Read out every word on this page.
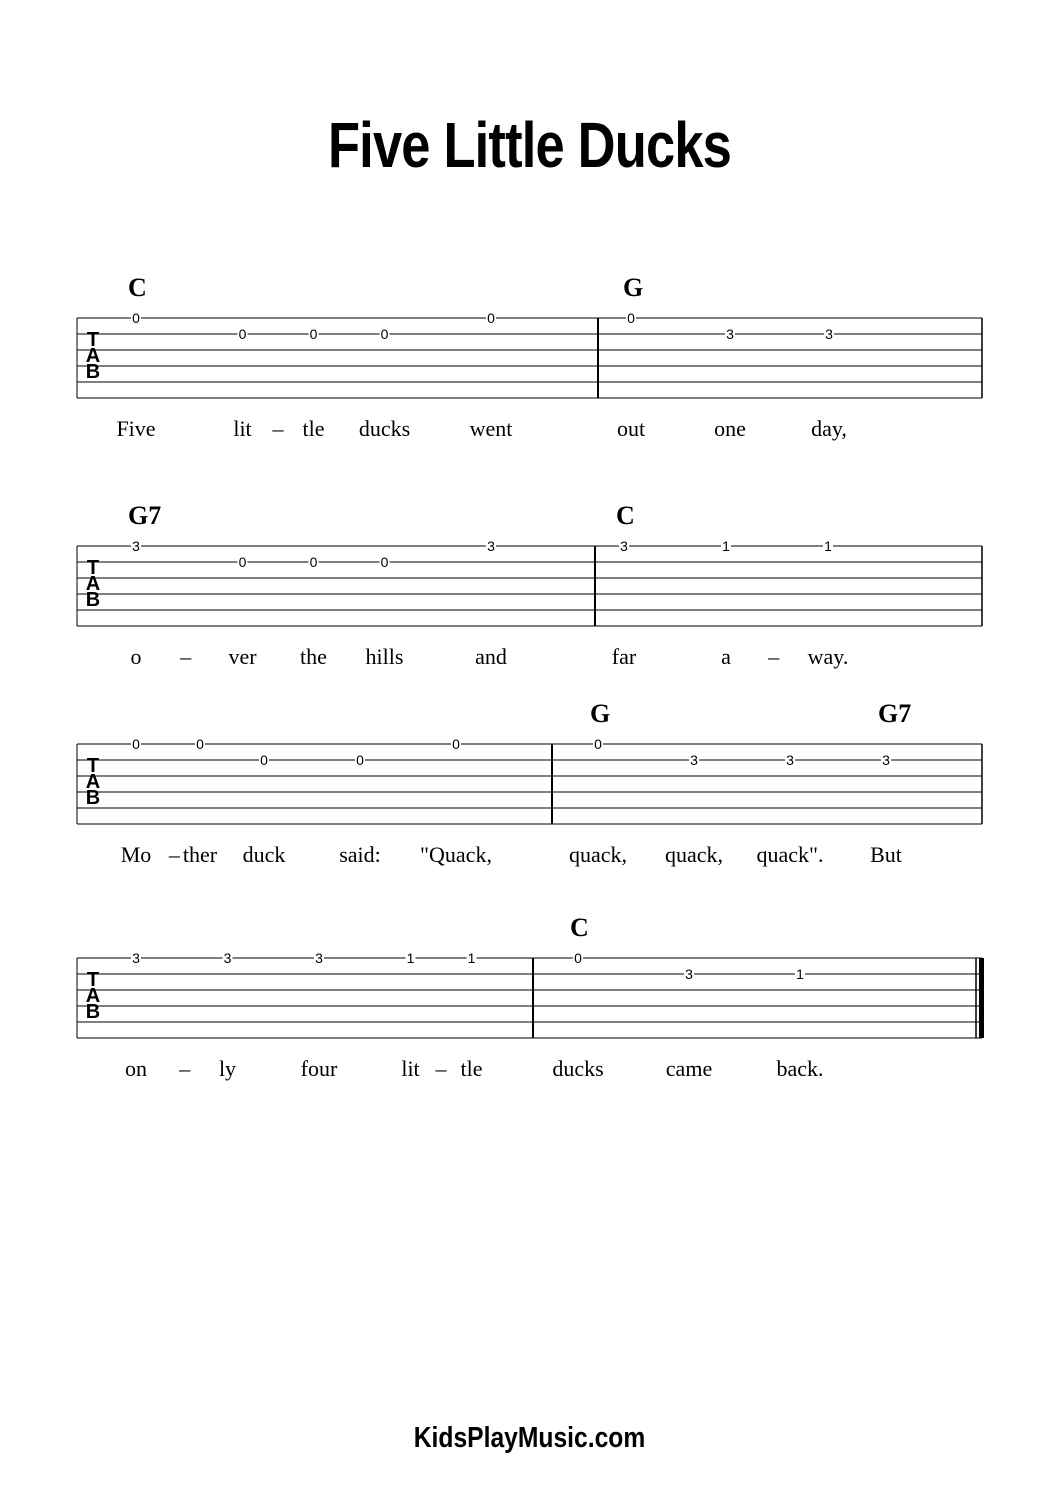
Five Little Ducks
T
A
B
C
0
0	0	0
0
Five	lit – tle ducks	went
G
0
3	3
out	one	day,
T
A
B
G7
3
0	0	0
3
o – ver the hills	and
C
3	1	1
far	a – way.
T
A
B
0	0
0	0
0
Mo – ther duck said: "Quack,
G	G7
0
3	3	3
quack, quack, quack". But
T
A
B
3	3	3	1	1
on – ly	four	lit – tle
C
0
3	1
ducks	came	back.
KidsPlayMusic.com
